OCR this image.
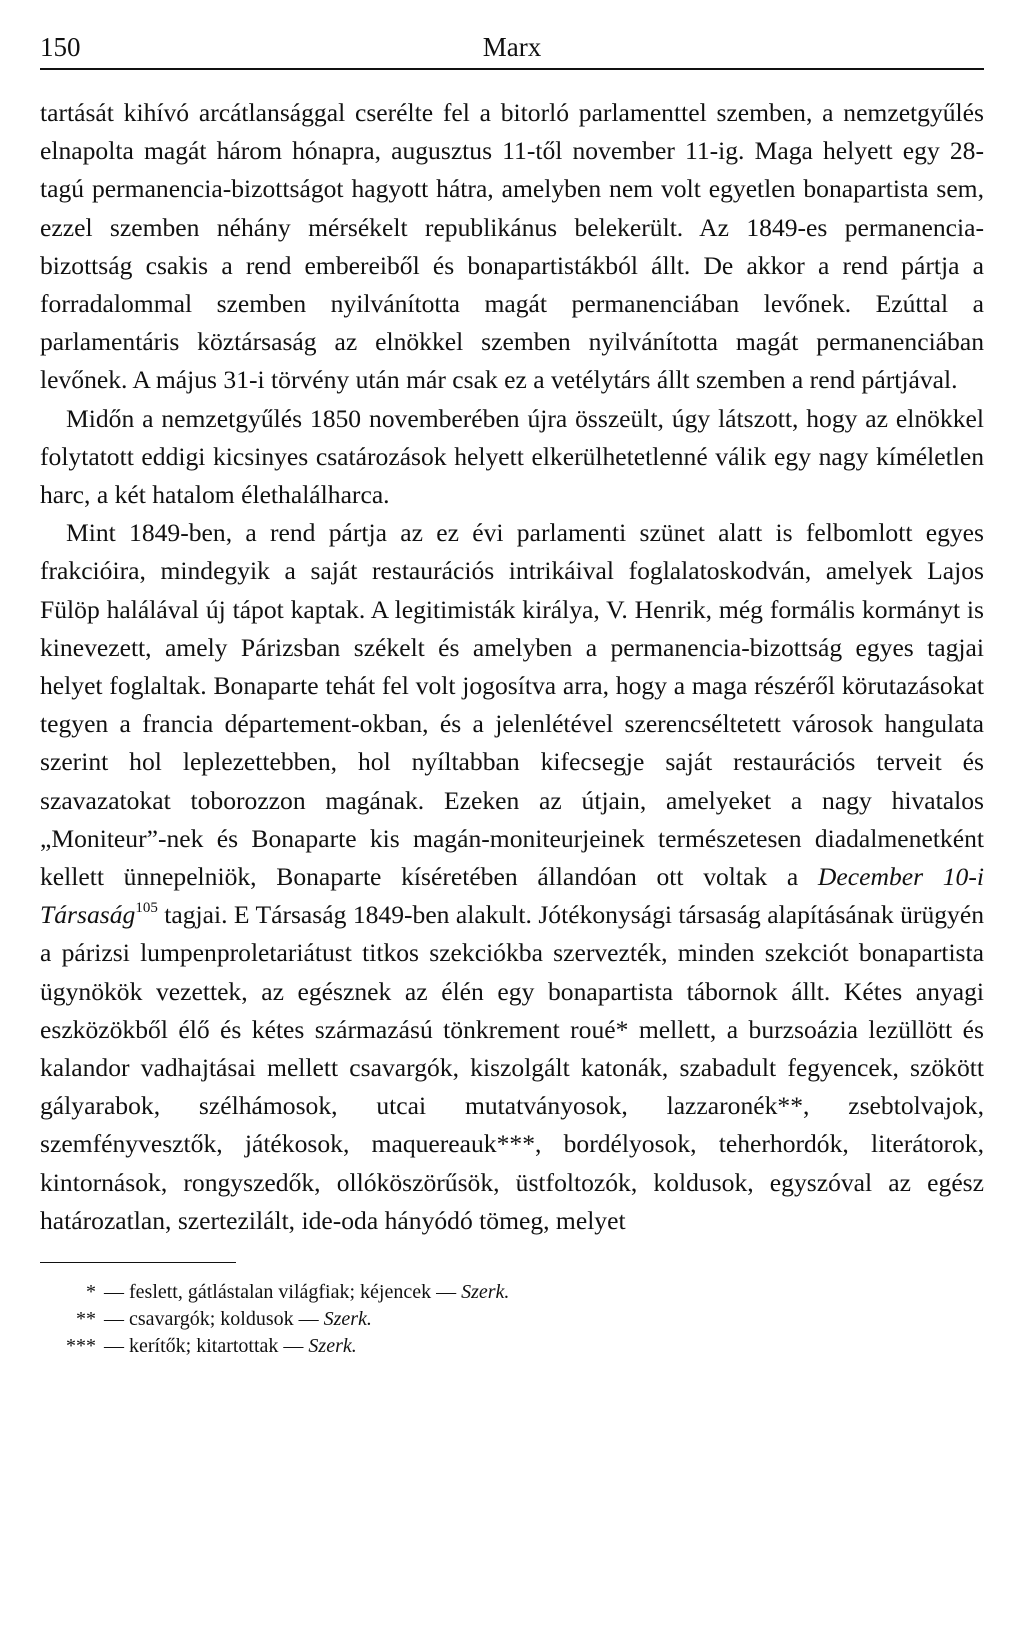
150	Marx

tartását kihívó arcátlansággal cserélte fel a bitorló parlamenttel szemben, a nemzetgyűlés elnapolta magát három hónapra, augusztus 11-től november 11-ig. Maga helyett egy 28-tagú permanencia-bizottságot hagyott hátra, amelyben nem volt egyetlen bonapartista sem, ezzel szemben néhány mérsékelt republikánus belekerült. Az 1849-es permanencia-bizottság csakis a rend embereiből és bonapartistákból állt. De akkor a rend pártja a forradalommal szemben nyilvánította magát permanenciában levőnek. Ezúttal a parlamentáris köztársaság az elnökkel szemben nyilvánította magát permanenciában levőnek. A május 31-i törvény után már csak ez a vetélytárs állt szemben a rend pártjával.

Midőn a nemzetgyűlés 1850 novemberében újra összeült, úgy látszott, hogy az elnökkel folytatott eddigi kicsinyes csatározások helyett elkerülhetetlenné válik egy nagy kíméletlen harc, a két hatalom élethalálharca.

Mint 1849-ben, a rend pártja az ez évi parlamenti szünet alatt is felbomlott egyes frakcióira, mindegyik a saját restaurációs intrikáival foglalatoskodván, amelyek Lajos Fülöp halálával új tápot kaptak. A legitimisták királya, V. Henrik, még formális kormányt is kinevezett, amely Párizsban székelt és amelyben a permanencia-bizottság egyes tagjai helyet foglaltak. Bonaparte tehát fel volt jogosítva arra, hogy a maga részéről körutazásokat tegyen a francia département-okban, és a jelenlétével szerencséltetett városok hangulata szerint hol leplezettebben, hol nyíltabban kifecsegje saját restaurációs terveit és szavazatokat toborozzon magának. Ezeken az útjain, amelyeket a nagy hivatalos „Moniteur”-nek és Bonaparte kis magán-moniteurjeinek természetesen diadalmenetként kellett ünnepelniök, Bonaparte kíséretében állandóan ott voltak a December 10-i Társaság$^{105}$ tagjai. E Társaság 1849-ben alakult. Jótékonysági társaság alapításának ürügyén a párizsi lumpenproletariátust titkos szekciókba szervezték, minden szekciót bonapartista ügynökök vezettek, az egésznek az élén egy bonapartista tábornok állt. Kétes anyagi eszközökből élő és kétes származású tönkrement roué* mellett, a burzsoázia lezüllött és kalandor vadhajtásai mellett csavargók, kiszolgált katonák, szabadult fegyencek, szökött gályarabok, szélhámosok, utcai mutatványosok, lazzaronék**, zsebtolvajok, szemfényvesztők, játékosok, maquereauk***, bordélyosok, teherhordók, literátorok, kintornások, rongyszedők, ollóköszörűsök, üstfoltozók, koldusok, egyszóval az egész határozatlan, szertezilált, ide-oda hányódó tömeg, melyet

* — feslett, gátlástalan világfiak; kéjencek — Szerk.
** — csavargók; koldusok — Szerk.
*** — kerítők; kitartottak — Szerk.
